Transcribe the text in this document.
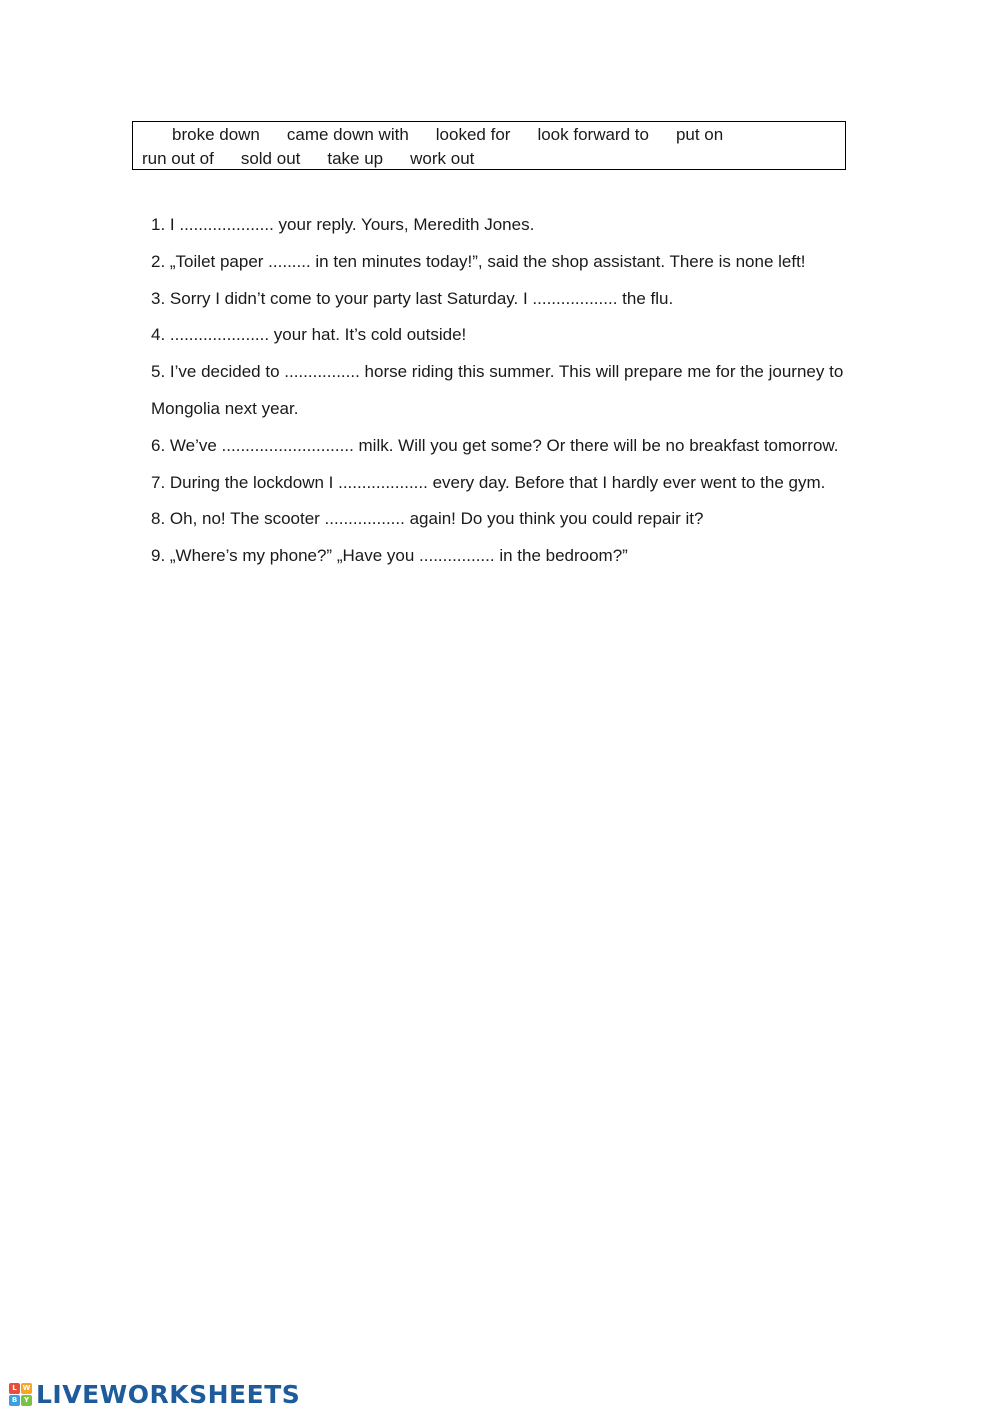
broke down came down with looked for look forward to put on
run out of sold out take up work out

1. I .................... your reply. Yours, Meredith Jones.

2. „Toilet paper ......... in ten minutes today!”, said the shop assistant. There is none left!

3. Sorry I didn’t come to your party last Saturday. I .................. the flu.

4. ..................... your hat. It’s cold outside!

5. I’ve decided to ................ horse riding this summer. This will prepare me for the journey to Mongolia next year.

6. We’ve ............................ milk. Will you get some? Or there will be no breakfast tomorrow.

7. During the lockdown I ................... every day. Before that I hardly ever went to the gym.

8. Oh, no! The scooter ................. again! Do you think you could repair it?

9. „Where’s my phone?” „Have you ................ in the bedroom?”

L W
B Y LIVEWORKSHEETS
